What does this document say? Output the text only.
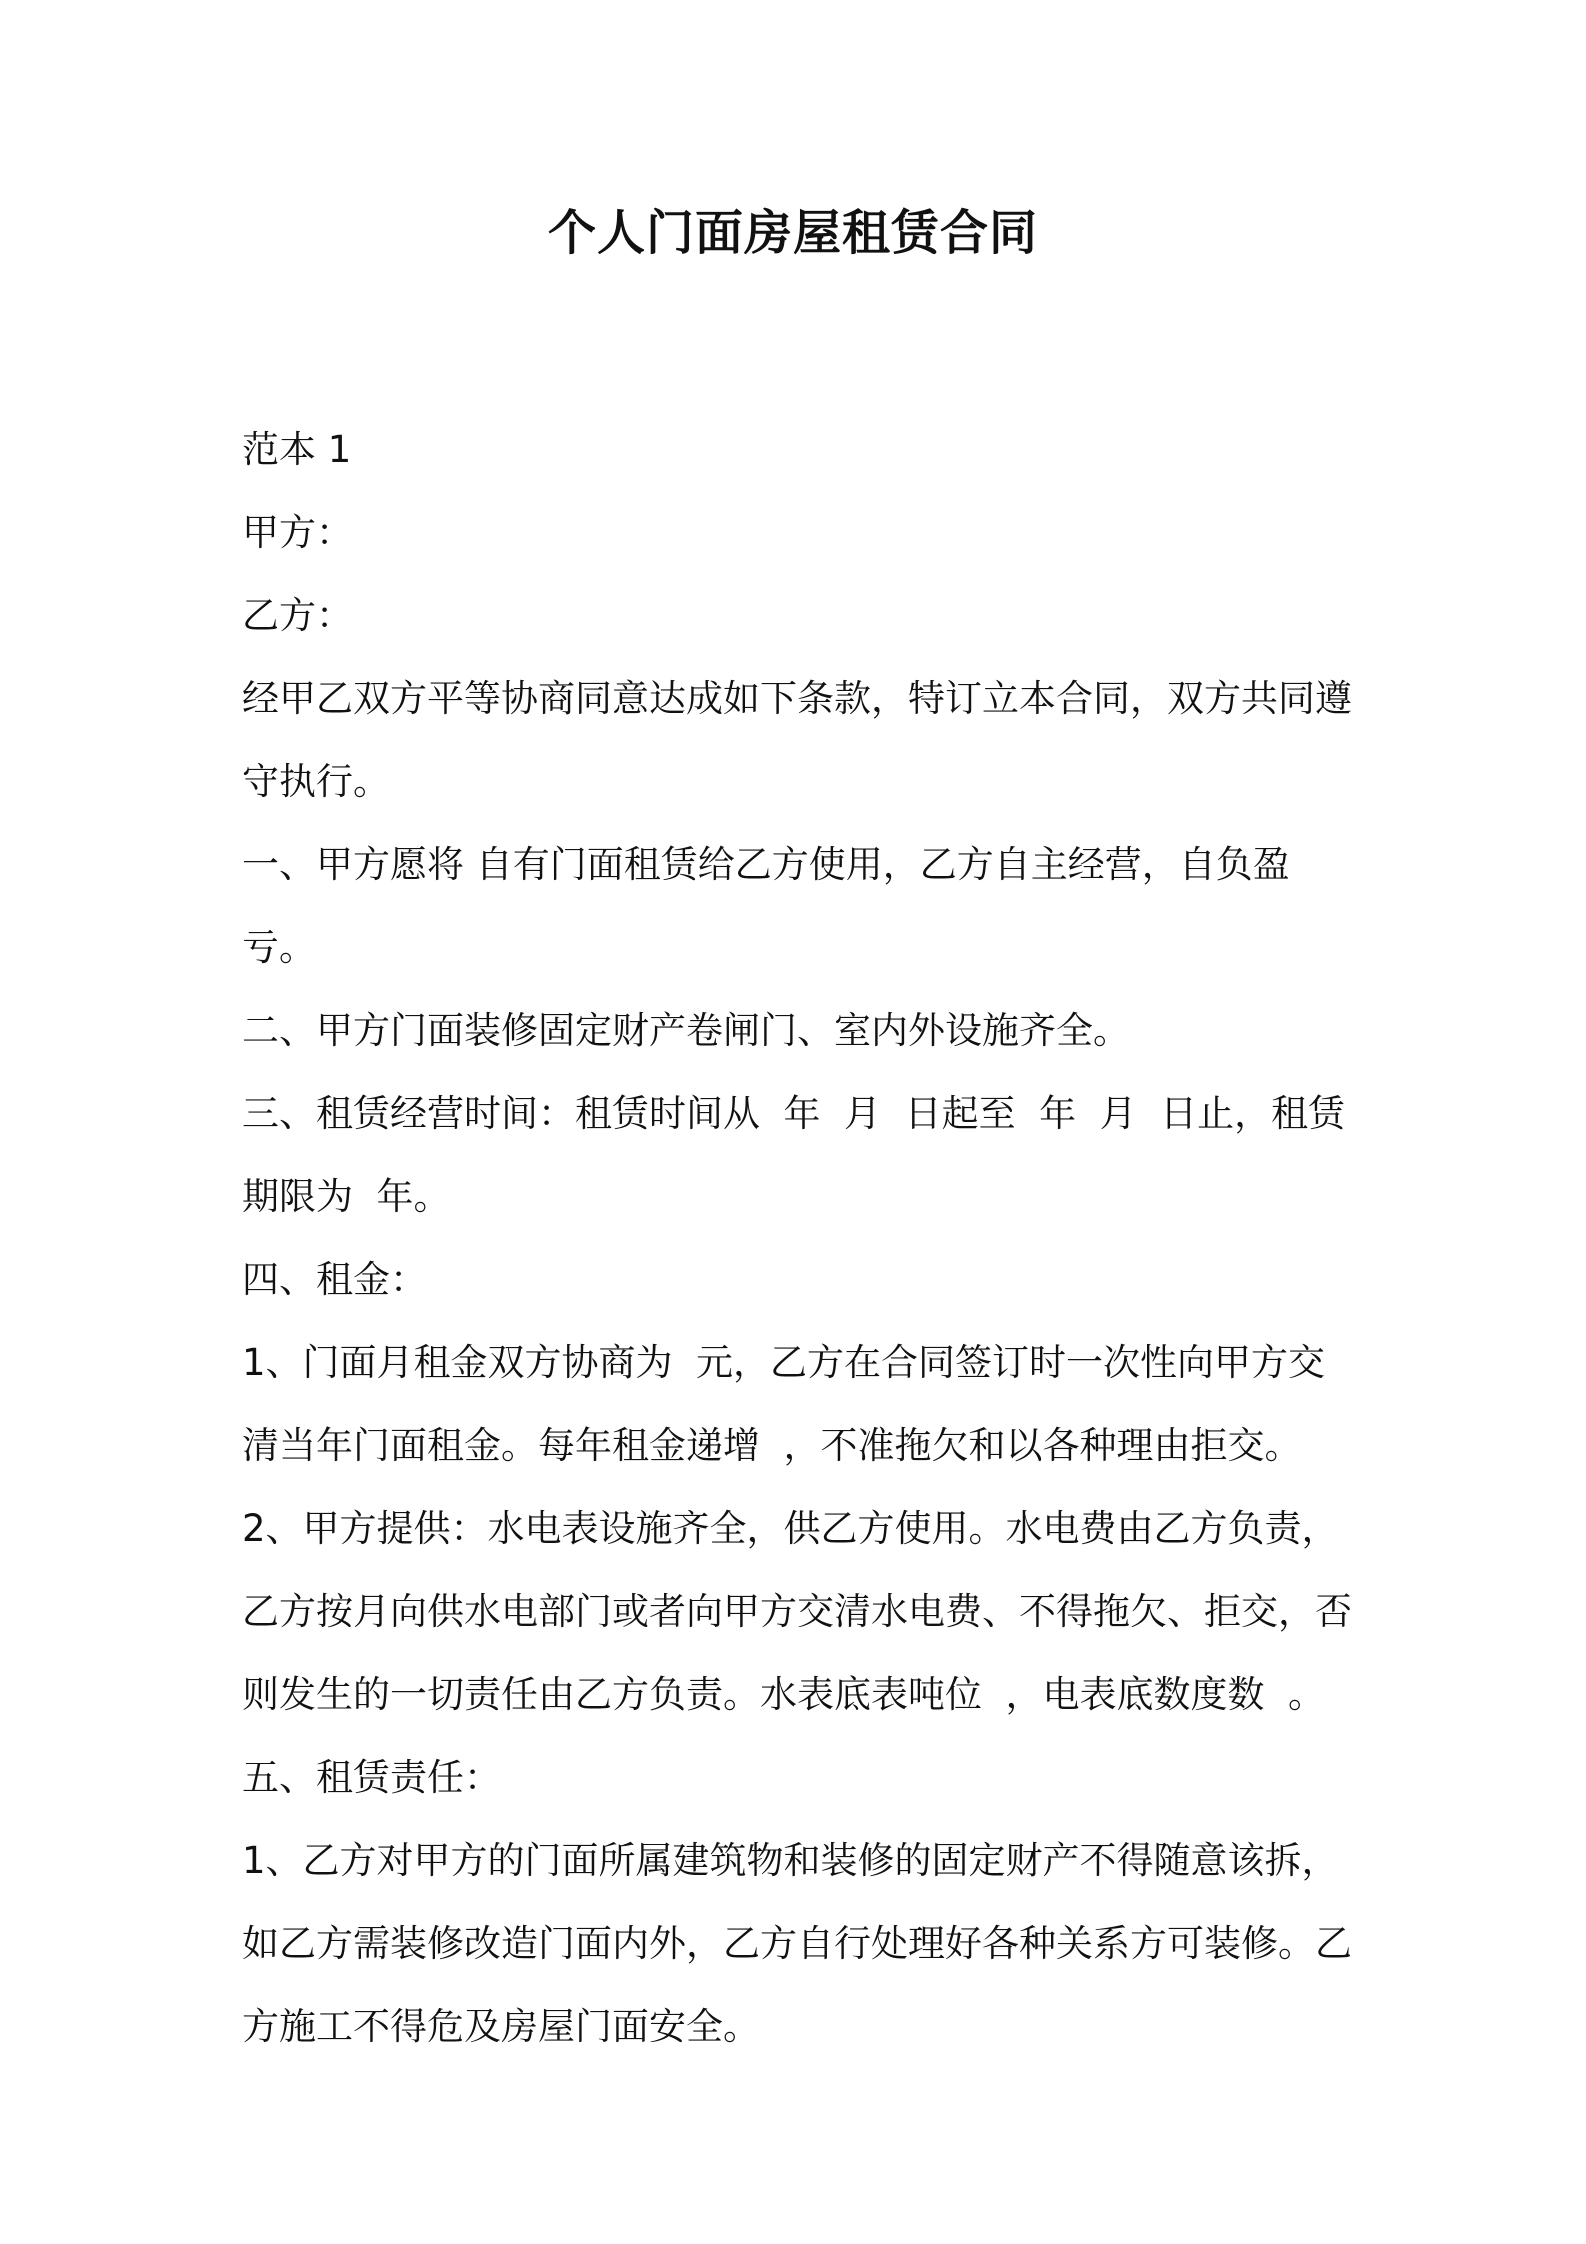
个人门面房屋租赁合同

范本 1

甲方：

乙方：

经甲乙双方平等协商同意达成如下条款，特订立本合同，双方共同遵守执行。

一、甲方愿将 自有门面租赁给乙方使用，乙方自主经营，自负盈亏。

二、甲方门面装修固定财产卷闸门、室内外设施齐全。

三、租赁经营时间：租赁时间从  年  月  日起至  年  月  日止，租赁期限为  年。

四、租金：

1、门面月租金双方协商为  元，乙方在合同签订时一次性向甲方交清当年门面租金。每年租金递增  ，不准拖欠和以各种理由拒交。

2、甲方提供：水电表设施齐全，供乙方使用。水电费由乙方负责，乙方按月向供水电部门或者向甲方交清水电费、不得拖欠、拒交，否则发生的一切责任由乙方负责。水表底表吨位  ，电表底数度数  。

五、租赁责任：

1、乙方对甲方的门面所属建筑物和装修的固定财产不得随意该拆，如乙方需装修改造门面内外，乙方自行处理好各种关系方可装修。乙方施工不得危及房屋门面安全。
